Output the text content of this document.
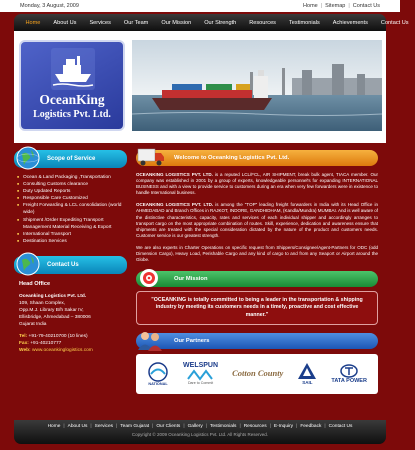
Monday, 3 August, 2009	Home | Sitemap | Contact Us
Home	About Us	Services	Our Team	Our Mission	Our Strength	Resources	Testimonials	Achievements	Contact Us
OceanKing
Logistics Pvt. Ltd.
Scope of Service
■ Ocean & Land Packaging ,Transportation
■ Consulting Customs clearance
■ Duty Updated Reports
■ Responsible Care Customized
■ Freight Forwarding & LCL consolidation (world wide)
■ Shipment /Order Expediting Transport Management Material Receiving & Export
■ International Transport
■ Destination Services
Contact Us
Head Office
Oceanking Logistics Pvt. Ltd.
109, Shaan Complex,
Opp.M.J. Library B/h Sakar IV,
Ellisbridge, Ahmedabad – 380006
Gujarat India
Tel: +91-79-40210700 (10 lines)
Fax: +91-40210777
Web: www.oceankinglogistics.com
Welcome to Oceanking Logistics Pvt. Ltd.

OCEANKING LOGISTICS PVT. LTD. is a reputed LCL/FCL, AIR SHIPMENT, break bulk agent, TIACA member. Our company was established in 2001 by a group of experts, knowledgeable personnel's for expanding INTERNATIONAL BUSINESS and with a view to provide service to customers during an era when very few forwarders were in existence to handle International business.

OCEANKING LOGISTICS PVT. LTD. is among the "TOP" leading freight forwarders in India with its Head Office in AHMEDABAD and Branch Offices in RAJKOT, INDORE, GANDHIDHAM, (Kandla/Mundra) MUMBAI. And is well aware of the distinctive characteristics, capacity, rates and services of each individual shipper and accordingly arranges to transport cargo on the most appropriate combination of routes. Skill, experience, dedication and awareness ensure that shipments are treated with the special consideration dictated by the nature of the product and customers needs. Customer service is our greatest strength.

We are also experts in Charter Operations on specific request from Shippers/Consignee/Agent-Partners for ODC (odd Dimension Cargo), Heavy Load, Perishable Cargo and any kind of cargo to and from any Seaport or Airport around the Globe.

Our Mission
"OCEANKING is totally committed to being a leader in the transportation & shipping industry by meeting its customers needs in a timely, proactive and cost effective manner."
Our Partners
NATIONAL
WELSPUN
Dare to Commit
Cotton County
SAIL	TATA POWER
Home | About Us | Services | Team Gujarat | Our Clients | Gallery | Testimonials | Resources | E-Inquiry | Feedback | Contact Us
Copyright © 2009 Oceanking Logistics Pvt. Ltd. All Rights Reserved.
